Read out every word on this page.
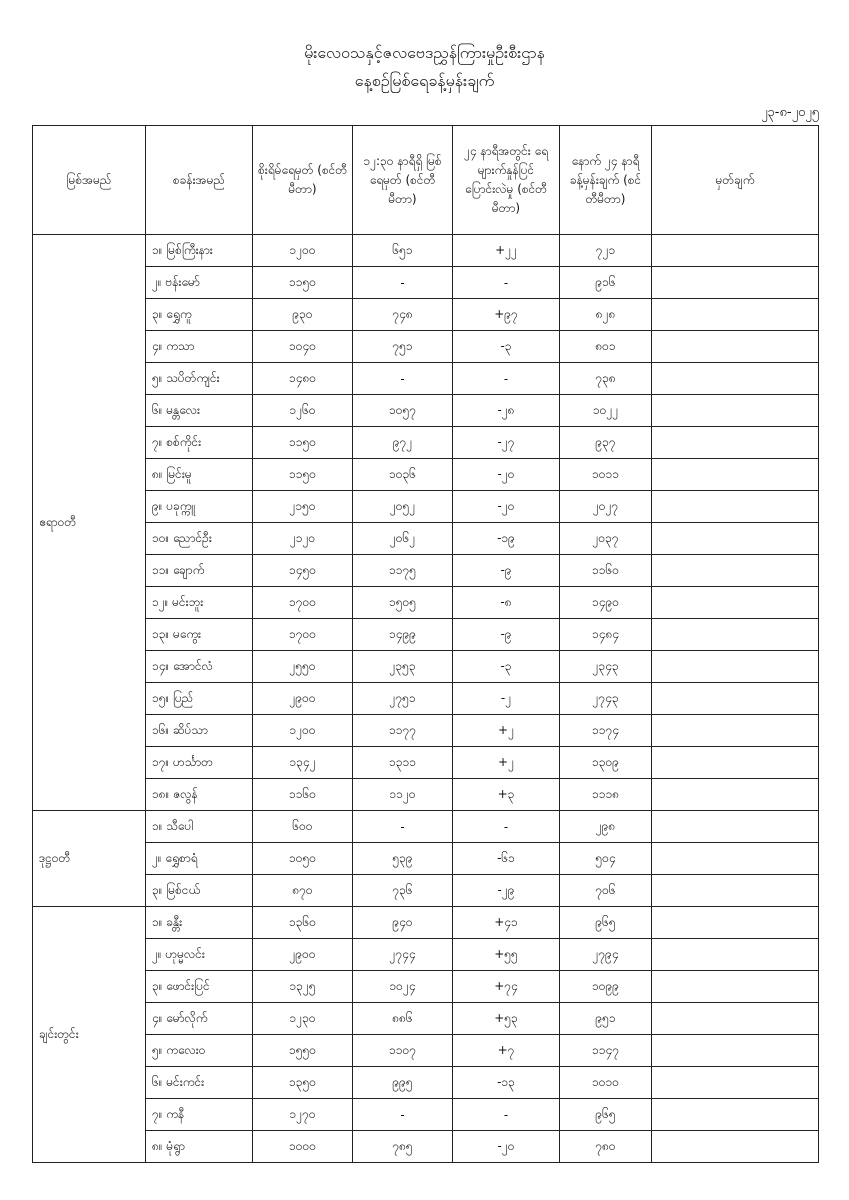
မိုးလေဝသနှင့်ဇလဗေဒညွှန်ကြားမှုဦးစီးဌာန
နေ့စဉ်မြစ်ရေခန့်မှန်းချက်
၂၃-၈-၂၀၂၅
မြစ်အမည်	စခန်းအမည်	စိုးရိမ်ရေမှတ် (စင်တီမီတာ)	၁၂:၃၀ နာရီရှိ မြစ်ရေမှတ် (စင်တီမီတာ)	၂၄ နာရီအတွင်း ရေများက်နှုန်ပြင် ပြောင်းလဲမှု (စင်တီမီတာ)	နောက် ၂၄ နာရီ ခန့်မှန်းချက် (စင်တီမီတာ)	မှတ်ချက်
ဧရာဝတီ	၁။ မြစ်ကြီးနား	၁၂၀၀	၆၅၁	+၂၂	၇၂၁	
	၂။ ဗန်းမော်	၁၁၅၀	-	-	၉၁၆	
	၃။ ရွှေကူ	၉၃၀	၇၄၈	+၉၇	၈၂၈	
	၄။ ကသာ	၁၀၄၀	၇၅၁	-၃	၈၀၁	
	၅။ သပိတ်ကျင်း	၁၄၈၀	-	-	၇၃၈	
	၆။ မန္တလေး	၁၂၆၀	၁၀၅၇	-၂၈	၁၀၂၂	
	၇။ စစ်ကိုင်း	၁၁၅၀	၉၇၂	-၂၇	၉၃၇	
	၈။ မြင်းမူ	၁၁၅၀	၁၀၃၆	-၂၀	၁၀၁၁	
	၉။ ပခုက္ကူ	၂၁၅၀	၂၀၅၂	-၂၀	၂၀၂၇	
	၁၀။ ညောင်ဦး	၂၁၂၀	၂၀၆၂	-၁၉	၂၀၃၇	
	၁၁။ ချောက်	၁၄၅၀	၁၁၇၅	-၉	၁၁၆၀	
	၁၂။ မင်းဘူး	၁၇၀၀	၁၅၀၅	-၈	၁၄၉၀	
	၁၃။ မကွေး	၁၇၀၀	၁၄၉၉	-၉	၁၄၈၄	
	၁၄။ အောင်လံ	၂၅၅၀	၂၃၅၃	-၃	၂၃၄၃	
	၁၅။ ပြည်	၂၉၀၀	၂၇၅၁	-၂	၂၇၄၃	
	၁၆။ ဆိပ်သာ	၁၂၀၀	၁၁၇၇	+၂	၁၁၇၄	
	၁၇။ ဟင်္သာတ	၁၃၄၂	၁၃၁၁	+၂	၁၃၀၉	
	၁၈။ ဇလွန်	၁၁၆၀	၁၁၂၀	+၃	၁၁၁၈	
ဒုဋ္ဌဝတီ	၁။ သီပေါ	၆၀၀	-	-	၂၉၈	
	၂။ ရွှေစာရံ	၁၀၅၀	၅၃၉	-၆၁	၅၀၄	
	၃။ မြစ်ငယ်	၈၇၀	၇၃၆	-၂၉	၇၀၆	
ချင်းတွင်း	၁။ ခန္တီး	၁၃၆၀	၉၄၀	+၄၁	၉၆၅	
	၂။ ဟုမ္မလင်း	၂၉၀၀	၂၇၄၄	+၅၅	၂၇၉၄	
	၃။ ဖောင်းပြင်	၁၃၂၅	၁၀၂၄	+၇၄	၁၀၉၉	
	၄။ မော်လိုက်	၁၂၃၀	၈၈၆	+၅၃	၉၅၁	
	၅။ ကလေးဝ	၁၅၅၀	၁၁၀၇	+၇	၁၁၄၇	
	၆။ မင်းကင်း	၁၃၅၀	၉၉၅	-၁၃	၁၀၁၀	
	၇။ ကနီ	၁၂၇၀	-	-	၉၆၅	
	၈။ မုံရွာ	၁၀၀၀	၇၈၅	-၂၀	၇၈၀	
